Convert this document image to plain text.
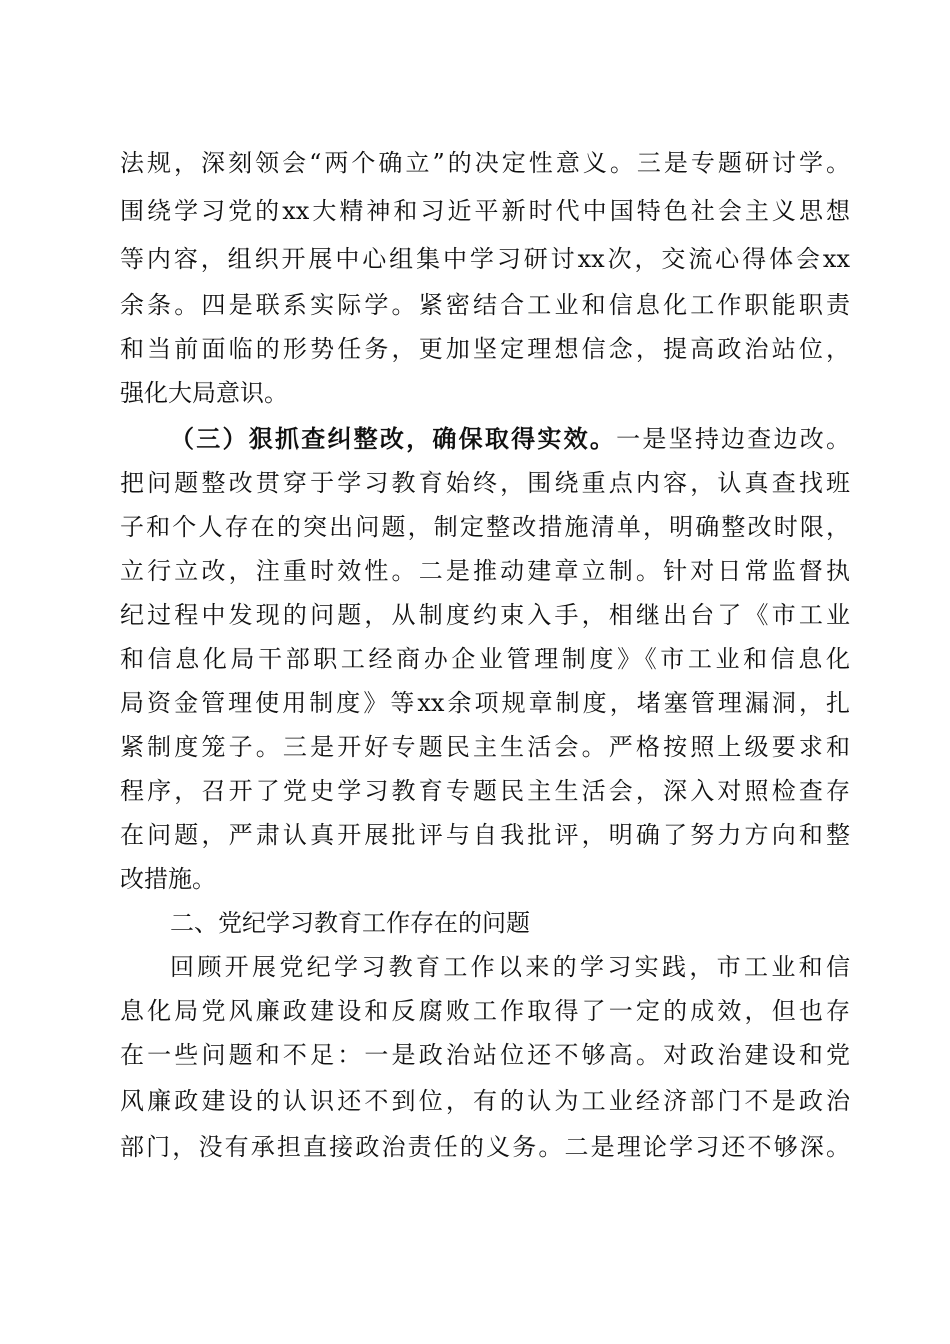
法规，深刻领会“两个确立”的决定性意义。三是专题研讨学。
围绕学习党的xx大精神和习近平新时代中国特色社会主义思想
等内容，组织开展中心组集中学习研讨xx次，交流心得体会xx
余条。四是联系实际学。紧密结合工业和信息化工作职能职责
和当前面临的形势任务，更加坚定理想信念，提高政治站位，
强化大局意识。
（三）狠抓查纠整改，确保取得实效。一是坚持边查边改。
把问题整改贯穿于学习教育始终，围绕重点内容，认真查找班
子和个人存在的突出问题，制定整改措施清单，明确整改时限，
立行立改，注重时效性。二是推动建章立制。针对日常监督执
纪过程中发现的问题，从制度约束入手，相继出台了《市工业
和信息化局干部职工经商办企业管理制度》《市工业和信息化
局资金管理使用制度》等xx余项规章制度，堵塞管理漏洞，扎
紧制度笼子。三是开好专题民主生活会。严格按照上级要求和
程序，召开了党史学习教育专题民主生活会，深入对照检查存
在问题，严肃认真开展批评与自我批评，明确了努力方向和整
改措施。
二、党纪学习教育工作存在的问题
回顾开展党纪学习教育工作以来的学习实践，市工业和信
息化局党风廉政建设和反腐败工作取得了一定的成效，但也存
在一些问题和不足：一是政治站位还不够高。对政治建设和党
风廉政建设的认识还不到位，有的认为工业经济部门不是政治
部门，没有承担直接政治责任的义务。二是理论学习还不够深。
